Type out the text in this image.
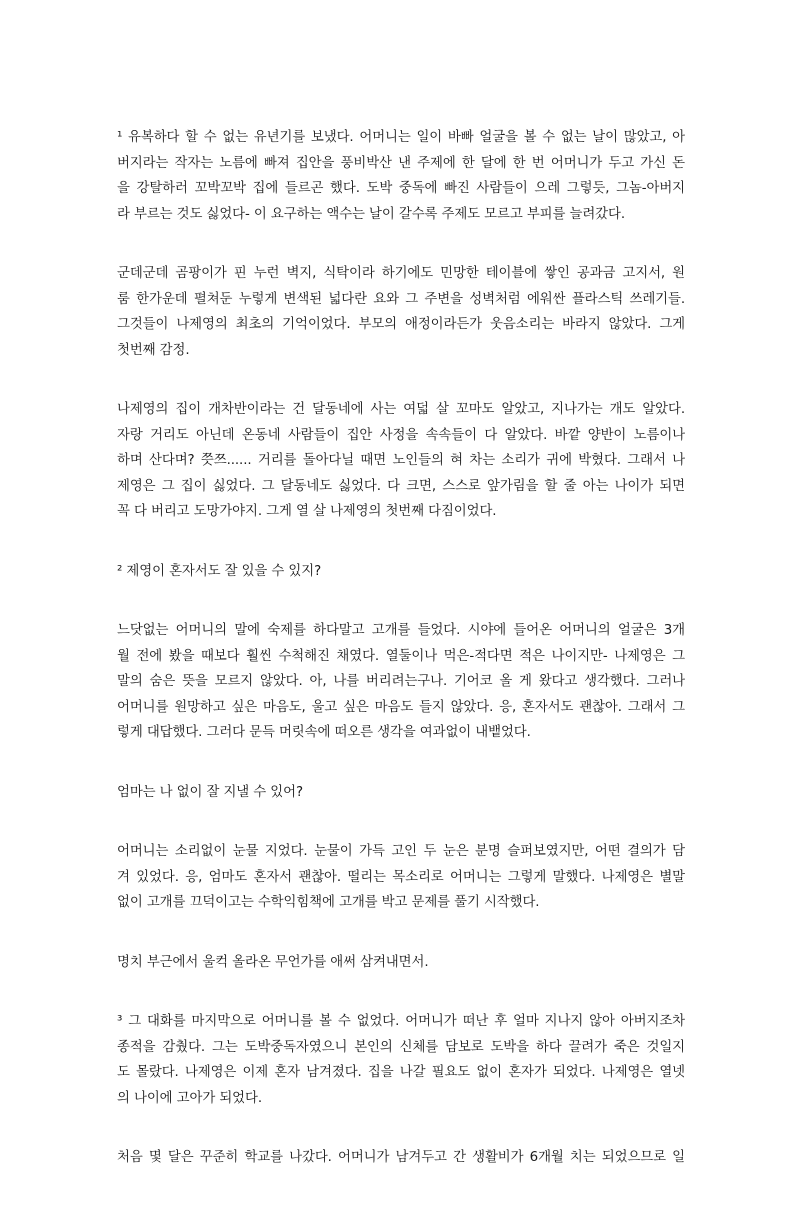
¹ 유복하다 할 수 없는 유년기를 보냈다. 어머니는 일이 바빠 얼굴을 볼 수 없는 날이 많았고, 아
버지라는 작자는 노름에 빠져 집안을 풍비박산 낸 주제에 한 달에 한 번 어머니가 두고 가신 돈
을 강탈하러 꼬박꼬박 집에 들르곤 했다. 도박 중독에 빠진 사람들이 으레 그렇듯, 그놈-아버지
라 부르는 것도 싫었다- 이 요구하는 액수는 날이 갈수록 주제도 모르고 부피를 늘려갔다.

군데군데 곰팡이가 핀 누런 벽지, 식탁이라 하기에도 민망한 테이블에 쌓인 공과금 고지서, 원
룸 한가운데 펼쳐둔 누렇게 변색된 넓다란 요와 그 주변을 성벽처럼 에워싼 플라스틱 쓰레기들.
그것들이 나제영의 최초의 기억이었다. 부모의 애정이라든가 웃음소리는 바라지 않았다. 그게
첫번째 감정.

나제영의 집이 개차반이라는 건 달동네에 사는 여덟 살 꼬마도 알았고, 지나가는 개도 알았다.
자랑 거리도 아닌데 온동네 사람들이 집안 사정을 속속들이 다 알았다. 바깥 양반이 노름이나
하며 산다며? 쯧쯔...... 거리를 돌아다닐 때면 노인들의 혀 차는 소리가 귀에 박혔다. 그래서 나
제영은 그 집이 싫었다. 그 달동네도 싫었다. 다 크면, 스스로 앞가림을 할 줄 아는 나이가 되면
꼭 다 버리고 도망가야지. 그게 열 살 나제영의 첫번째 다짐이었다.

² 제영이 혼자서도 잘 있을 수 있지?

느닷없는 어머니의 말에 숙제를 하다말고 고개를 들었다. 시야에 들어온 어머니의 얼굴은 3개
월 전에 봤을 때보다 훨씬 수척해진 채였다. 열둘이나 먹은-적다면 적은 나이지만- 나제영은 그
말의 숨은 뜻을 모르지 않았다. 아, 나를 버리려는구나. 기어코 올 게 왔다고 생각했다. 그러나
어머니를 원망하고 싶은 마음도, 울고 싶은 마음도 들지 않았다. 응, 혼자서도 괜찮아. 그래서 그
렇게 대답했다. 그러다 문득 머릿속에 떠오른 생각을 여과없이 내뱉었다.

엄마는 나 없이 잘 지낼 수 있어?

어머니는 소리없이 눈물 지었다. 눈물이 가득 고인 두 눈은 분명 슬퍼보였지만, 어떤 결의가 담
겨 있었다. 응, 엄마도 혼자서 괜찮아. 떨리는 목소리로 어머니는 그렇게 말했다. 나제영은 별말
없이 고개를 끄덕이고는 수학익힘책에 고개를 박고 문제를 풀기 시작했다.

명치 부근에서 울컥 올라온 무언가를 애써 삼켜내면서.

³ 그 대화를 마지막으로 어머니를 볼 수 없었다. 어머니가 떠난 후 얼마 지나지 않아 아버지조차
종적을 감췄다. 그는 도박중독자였으니 본인의 신체를 담보로 도박을 하다 끌려가 죽은 것일지
도 몰랐다. 나제영은 이제 혼자 남겨졌다. 집을 나갈 필요도 없이 혼자가 되었다. 나제영은 열넷
의 나이에 고아가 되었다.

처음 몇 달은 꾸준히 학교를 나갔다. 어머니가 남겨두고 간 생활비가 6개월 치는 되었으므로 일
